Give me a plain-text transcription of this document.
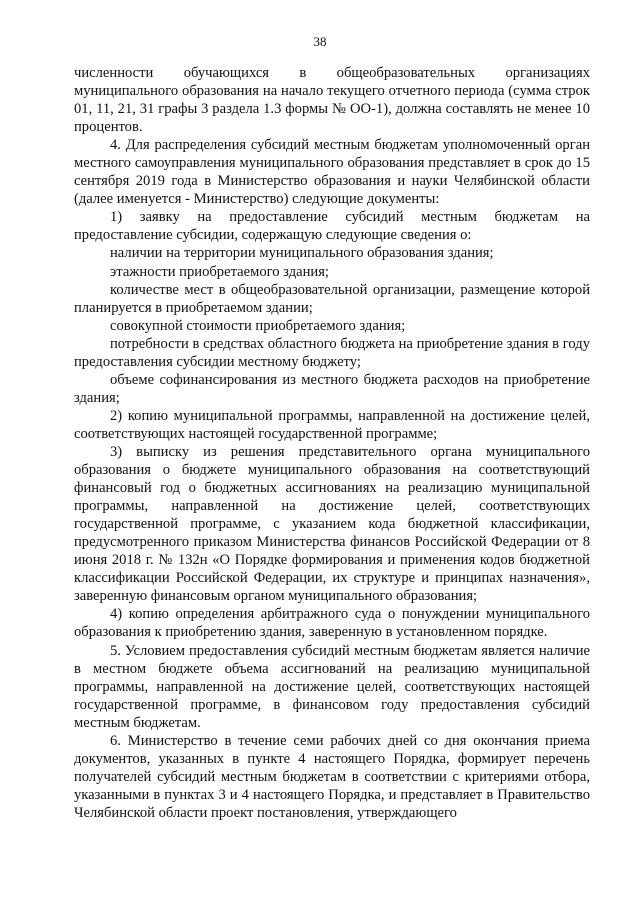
38

численности обучающихся в общеобразовательных организациях муниципального образования на начало текущего отчетного периода (сумма строк 01, 11, 21, 31 графы 3 раздела 1.3 формы № ОО-1), должна составлять не менее 10 процентов.

4. Для распределения субсидий местным бюджетам уполномоченный орган местного самоуправления муниципального образования представляет в срок до 15 сентября 2019 года в Министерство образования и науки Челябинской области (далее именуется - Министерство) следующие документы:

1) заявку на предоставление субсидий местным бюджетам на предоставление субсидии, содержащую следующие сведения о:

наличии на территории муниципального образования здания;

этажности приобретаемого здания;

количестве мест в общеобразовательной организации, размещение которой планируется в приобретаемом здании;

совокупной стоимости приобретаемого здания;

потребности в средствах областного бюджета на приобретение здания в году предоставления субсидии местному бюджету;

объеме софинансирования из местного бюджета расходов на приобретение здания;

2) копию муниципальной программы, направленной на достижение целей, соответствующих настоящей государственной программе;

3) выписку из решения представительного органа муниципального образования о бюджете муниципального образования на соответствующий финансовый год о бюджетных ассигнованиях на реализацию муниципальной программы, направленной на достижение целей, соответствующих государственной программе, с указанием кода бюджетной классификации, предусмотренного приказом Министерства финансов Российской Федерации от 8 июня 2018 г. № 132н «О Порядке формирования и применения кодов бюджетной классификации Российской Федерации, их структуре и принципах назначения», заверенную финансовым органом муниципального образования;

4) копию определения арбитражного суда о понуждении муниципального образования к приобретению здания, заверенную в установленном порядке.

5. Условием предоставления субсидий местным бюджетам является наличие в местном бюджете объема ассигнований на реализацию муниципальной программы, направленной на достижение целей, соответствующих настоящей государственной программе, в финансовом году предоставления субсидий местным бюджетам.

6. Министерство в течение семи рабочих дней со дня окончания приема документов, указанных в пункте 4 настоящего Порядка, формирует перечень получателей субсидий местным бюджетам в соответствии с критериями отбора, указанными в пунктах 3 и 4 настоящего Порядка, и представляет в Правительство Челябинской области проект постановления, утверждающего
